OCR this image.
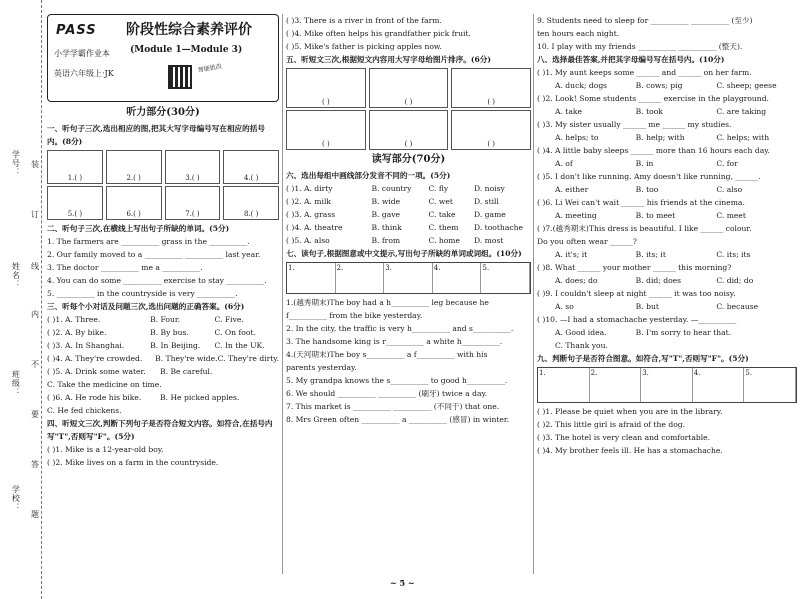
学号：
姓名：
班级：
学校：
装
订
线
内
不
要
答
题
PASS
小学学霸作业本
英语六年级上·JK
阶段性综合素养评价
(Module 1—Module 3)
智能批改
听力部分(30分)
一、听句子三次,选出相应的图,把其大写字母编号写在相应的括号内。(8分)
1.( )	2.( )	3.( )	4.( )
5.( )	6.( )	7.( )	8.( )
二、听句子三次,在横线上写出句子所缺的单词。(5分)
1. The farmers are __________ grass in the __________.
2. Our family moved to a __________ __________ last year.
3. The doctor __________ me a __________.
4. You can do some __________ exercise to stay __________.
5. __________ in the countryside is very __________.
三、听每个小对话及问题三次,选出问题的正确答案。(6分)
( )1. A. Three.	B. Four.	C. Five.
( )2. A. By bike.	B. By bus.	C. On foot.
( )3. A. In Shanghai.	B. In Beijing.	C. In the UK.
( )4. A. They're crowded.	B. They're wide. C. They're dirty.
( )5. A. Drink some water.	B. Be careful.
C. Take the medicine on time.
( )6. A. He rode his bike.	B. He picked apples.
C. He fed chickens.
四、听短文三次,判断下列句子是否符合短文内容。如符合,在括号内写"T",否则写"F"。(5分)
( )1. Mike is a 12-year-old boy.
( )2. Mike lives on a farm in the countryside.
( )3. There is a river in front of the farm.
( )4. Mike often helps his grandfather pick fruit.
( )5. Mike's father is picking apples now.
五、听短文三次,根据短文内容用大写字母给图片排序。(6分)
( )	( )	( )
( )	( )	( )
读写部分(70分)
六、选出每组中画线部分发音不同的一项。(5分)
( )1. A. dirty	B. country	C. fly	D. noisy
( )2. A. milk	B. wide	C. wet	D. still
( )3. A. grass	B. gave	C. take	D. game
( )4. A. theatre	B. think	C. them	D. toothache
( )5. A. also	B. from	C. home	D. most
七、读句子,根据图意或中文提示,写出句子所缺的单词或词组。(10分)
1.	2.	3.	4.	5.
1.(越秀期末)The boy had a h__________ leg because he
f__________ from the bike yesterday.
2. In the city, the traffic is very h__________ and s__________.
3. The handsome king is r__________ a white h__________.
4.(天河期末)The boy s__________ a f__________ with his
parents yesterday.
5. My grandpa knows the s__________ to good h__________.
6. We should __________ __________ (刷牙) twice a day.
7. This market is __________ __________ (不同于) that one.
8. Mrs Green often __________ a __________ (感冒) in winter.
9. Students need to sleep for __________ __________ (至少)
ten hours each night.
10. I play with my friends __________ __________ (整天).
八、选择最佳答案,并把其字母编号写在括号内。(10分)
( )1. My aunt keeps some ______ and ______ on her farm.
A. duck; dogs	B. cows; pig	C. sheep; geese
( )2. Look! Some students ______ exercise in the playground.
A. take	B. took	C. are taking
( )3. My sister usually ______ me ______ my studies.
A. helps; to	B. help; with	C. helps; with
( )4. A little baby sleeps ______ more than 16 hours each day.
A. of	B. in	C. for
( )5. I don't like running. Amy doesn't like running, ______.
A. either	B. too	C. also
( )6. Li Wei can't wait ______ his friends at the cinema.
A. meeting	B. to meet	C. meet
( )7.(越秀期末)This dress is beautiful. I like ______ colour.
Do you often wear ______?
A. it's; it	B. its; it	C. its; its
( )8. What ______ your mother ______ this morning?
A. does; do	B. did; does	C. did; do
( )9. I couldn't sleep at night ______ it was too noisy.
A. so	B. but	C. because
( )10. —I had a stomachache yesterday. —__________
A. Good idea.	B. I'm sorry to hear that.
C. Thank you.
九、判断句子是否符合图意。如符合,写"T",否则写"F"。(5分)
1.	2.	3.	4.	5.
( )1. Please be quiet when you are in the library.
( )2. This little girl is afraid of the dog.
( )3. The hotel is very clean and comfortable.
( )4. My brother feels ill. He has a stomachache.
~ 5 ~
